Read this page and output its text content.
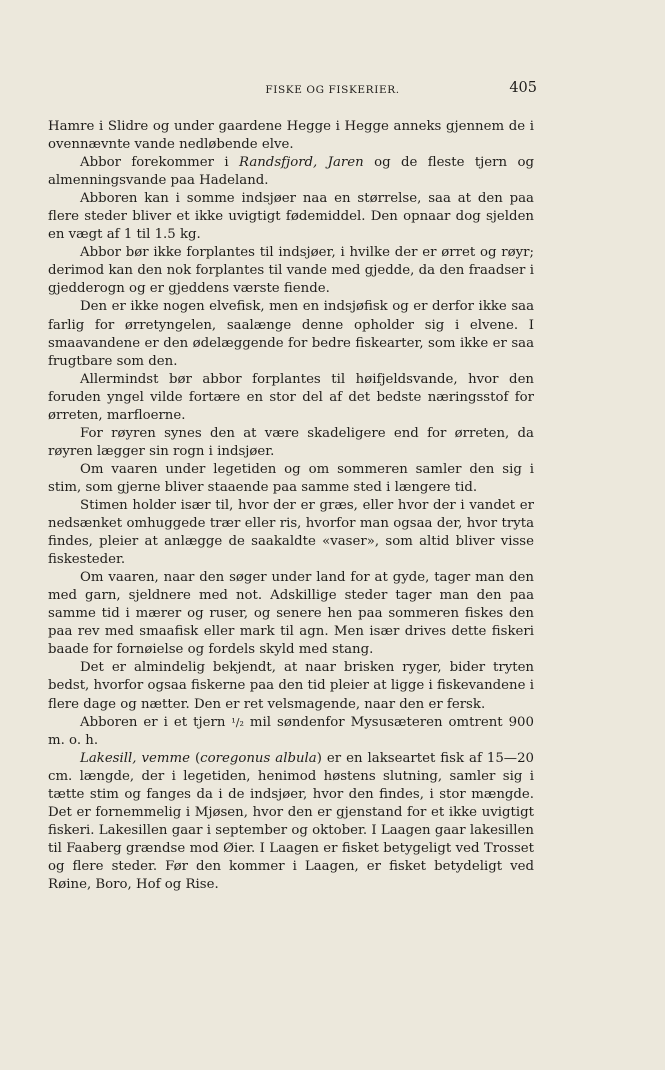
FISKE OG FISKERIER.	405

Hamre i Slidre og under gaardene Hegge i Hegge anneks gjennem de i ovennævnte vande nedløbende elve.

Abbor forekommer i Randsfjord, Jaren og de fleste tjern og almenningsvande paa Hadeland.

Abboren kan i somme indsjøer naa en størrelse, saa at den paa flere steder bliver et ikke uvigtigt fødemiddel. Den opnaar dog sjelden en vægt af 1 til 1.5 kg.

Abbor bør ikke forplantes til indsjøer, i hvilke der er ørret og røyr; derimod kan den nok forplantes til vande med gjedde, da den fraadser i gjedderogn og er gjeddens værste fiende.

Den er ikke nogen elvefisk, men en indsjøfisk og er derfor ikke saa farlig for ørretyngelen, saalænge denne opholder sig i elvene. I smaavandene er den ødelæggende for bedre fiskearter, som ikke er saa frugtbare som den.

Allermindst bør abbor forplantes til høifjeldsvande, hvor den foruden yngel vilde fortære en stor del af det bedste næringsstof for ørreten, marfloerne.

For røyren synes den at være skadeligere end for ørreten, da røyren lægger sin rogn i indsjøer.

Om vaaren under legetiden og om sommeren samler den sig i stim, som gjerne bliver staaende paa samme sted i længere tid.

Stimen holder især til, hvor der er græs, eller hvor der i vandet er nedsænket omhuggede trær eller ris, hvorfor man ogsaa der, hvor tryta findes, pleier at anlægge de saakaldte «vaser», som altid bliver visse fiskesteder.

Om vaaren, naar den søger under land for at gyde, tager man den med garn, sjeldnere med not. Adskillige steder tager man den paa samme tid i mærer og ruser, og senere hen paa sommeren fiskes den paa rev med smaafisk eller mark til agn. Men især drives dette fiskeri baade for fornøielse og fordels skyld med stang.

Det er almindelig bekjendt, at naar brisken ryger, bider tryten bedst, hvorfor ogsaa fiskerne paa den tid pleier at ligge i fiskevandene i flere dage og nætter. Den er ret velsmagende, naar den er fersk.

Abboren er i et tjern ¹/₂ mil søndenfor Mysusæteren omtrent 900 m. o. h.

Lakesill, vemme (coregonus albula) er en lakseartet fisk af 15—20 cm. længde, der i legetiden, henimod høstens slutning, samler sig i tætte stim og fanges da i de indsjøer, hvor den findes, i stor mængde. Det er fornemmelig i Mjøsen, hvor den er gjenstand for et ikke uvigtigt fiskeri. Lakesillen gaar i september og oktober. I Laagen gaar lakesillen til Faaberg grændse mod Øier. I Laagen er fisket betygeligt ved Trosset og flere steder. Før den kommer i Laagen, er fisket betydeligt ved Røine, Boro, Hof og Rise.
